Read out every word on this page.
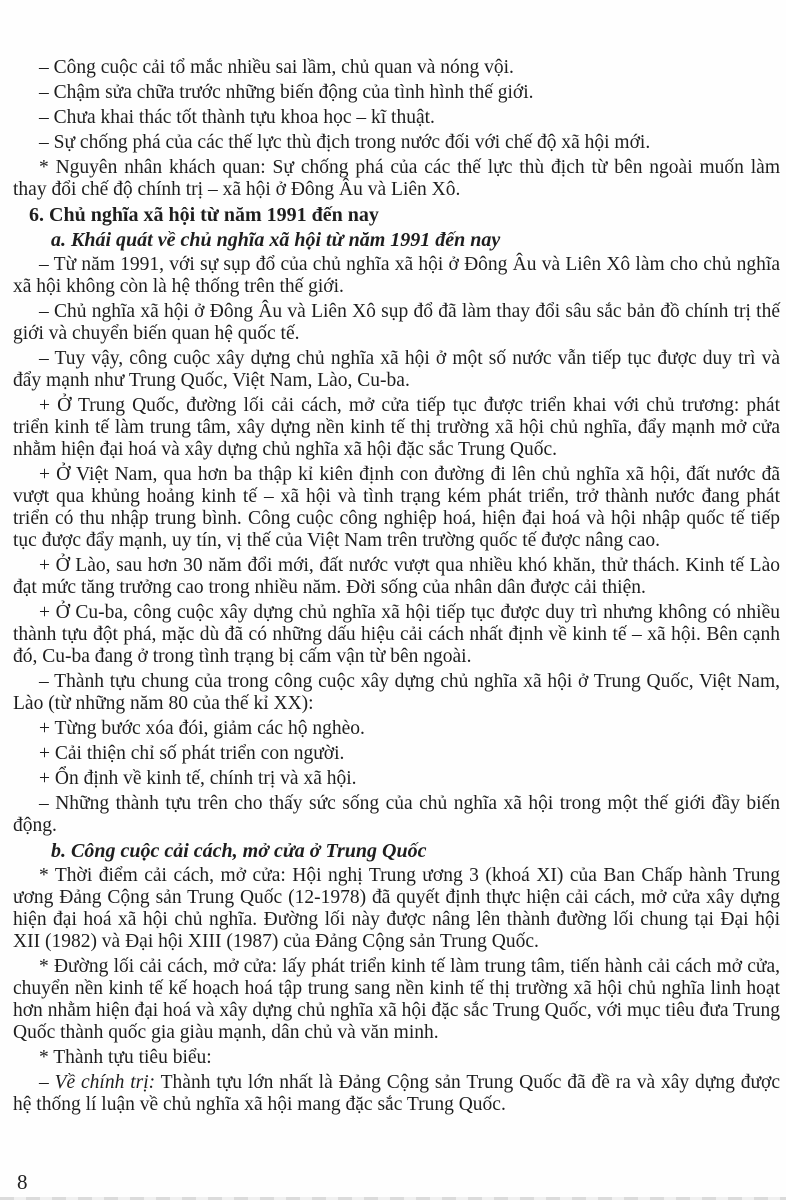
– Công cuộc cải tổ mắc nhiều sai lầm, chủ quan và nóng vội.

– Chậm sửa chữa trước những biến động của tình hình thế giới.

– Chưa khai thác tốt thành tựu khoa học – kĩ thuật.

– Sự chống phá của các thế lực thù địch trong nước đối với chế độ xã hội mới.

* Nguyên nhân khách quan: Sự chống phá của các thế lực thù địch từ bên ngoài muốn làm thay đổi chế độ chính trị – xã hội ở Đông Âu và Liên Xô.

6. Chủ nghĩa xã hội từ năm 1991 đến nay

a. Khái quát về chủ nghĩa xã hội từ năm 1991 đến nay

– Từ năm 1991, với sự sụp đổ của chủ nghĩa xã hội ở Đông Âu và Liên Xô làm cho chủ nghĩa xã hội không còn là hệ thống trên thế giới.

– Chủ nghĩa xã hội ở Đông Âu và Liên Xô sụp đổ đã làm thay đổi sâu sắc bản đồ chính trị thế giới và chuyển biến quan hệ quốc tế.

– Tuy vậy, công cuộc xây dựng chủ nghĩa xã hội ở một số nước vẫn tiếp tục được duy trì và đẩy mạnh như Trung Quốc, Việt Nam, Lào, Cu-ba.

+ Ở Trung Quốc, đường lối cải cách, mở cửa tiếp tục được triển khai với chủ trương: phát triển kinh tế làm trung tâm, xây dựng nền kinh tế thị trường xã hội chủ nghĩa, đẩy mạnh mở cửa nhằm hiện đại hoá và xây dựng chủ nghĩa xã hội đặc sắc Trung Quốc.

+ Ở Việt Nam, qua hơn ba thập kỉ kiên định con đường đi lên chủ nghĩa xã hội, đất nước đã vượt qua khủng hoảng kinh tế – xã hội và tình trạng kém phát triển, trở thành nước đang phát triển có thu nhập trung bình. Công cuộc công nghiệp hoá, hiện đại hoá và hội nhập quốc tế tiếp tục được đẩy mạnh, uy tín, vị thế của Việt Nam trên trường quốc tế được nâng cao.

+ Ở Lào, sau hơn 30 năm đổi mới, đất nước vượt qua nhiều khó khăn, thử thách. Kinh tế Lào đạt mức tăng trưởng cao trong nhiều năm. Đời sống của nhân dân được cải thiện.

+ Ở Cu-ba, công cuộc xây dựng chủ nghĩa xã hội tiếp tục được duy trì nhưng không có nhiều thành tựu đột phá, mặc dù đã có những dấu hiệu cải cách nhất định về kinh tế – xã hội. Bên cạnh đó, Cu-ba đang ở trong tình trạng bị cấm vận từ bên ngoài.

– Thành tựu chung của trong công cuộc xây dựng chủ nghĩa xã hội ở Trung Quốc, Việt Nam, Lào (từ những năm 80 của thế kỉ XX):

+ Từng bước xóa đói, giảm các hộ nghèo.

+ Cải thiện chỉ số phát triển con người.

+ Ổn định về kinh tế, chính trị và xã hội.

– Những thành tựu trên cho thấy sức sống của chủ nghĩa xã hội trong một thế giới đầy biến động.

b. Công cuộc cải cách, mở cửa ở Trung Quốc

* Thời điểm cải cách, mở cửa: Hội nghị Trung ương 3 (khoá XI) của Ban Chấp hành Trung ương Đảng Cộng sản Trung Quốc (12-1978) đã quyết định thực hiện cải cách, mở cửa xây dựng hiện đại hoá xã hội chủ nghĩa. Đường lối này được nâng lên thành đường lối chung tại Đại hội XII (1982) và Đại hội XIII (1987) của Đảng Cộng sản Trung Quốc.

* Đường lối cải cách, mở cửa: lấy phát triển kinh tế làm trung tâm, tiến hành cải cách mở cửa, chuyển nền kinh tế kế hoạch hoá tập trung sang nền kinh tế thị trường xã hội chủ nghĩa linh hoạt hơn nhằm hiện đại hoá và xây dựng chủ nghĩa xã hội đặc sắc Trung Quốc, với mục tiêu đưa Trung Quốc thành quốc gia giàu mạnh, dân chủ và văn minh.

* Thành tựu tiêu biểu:

– Về chính trị: Thành tựu lớn nhất là Đảng Cộng sản Trung Quốc đã đề ra và xây dựng được hệ thống lí luận về chủ nghĩa xã hội mang đặc sắc Trung Quốc.

8
